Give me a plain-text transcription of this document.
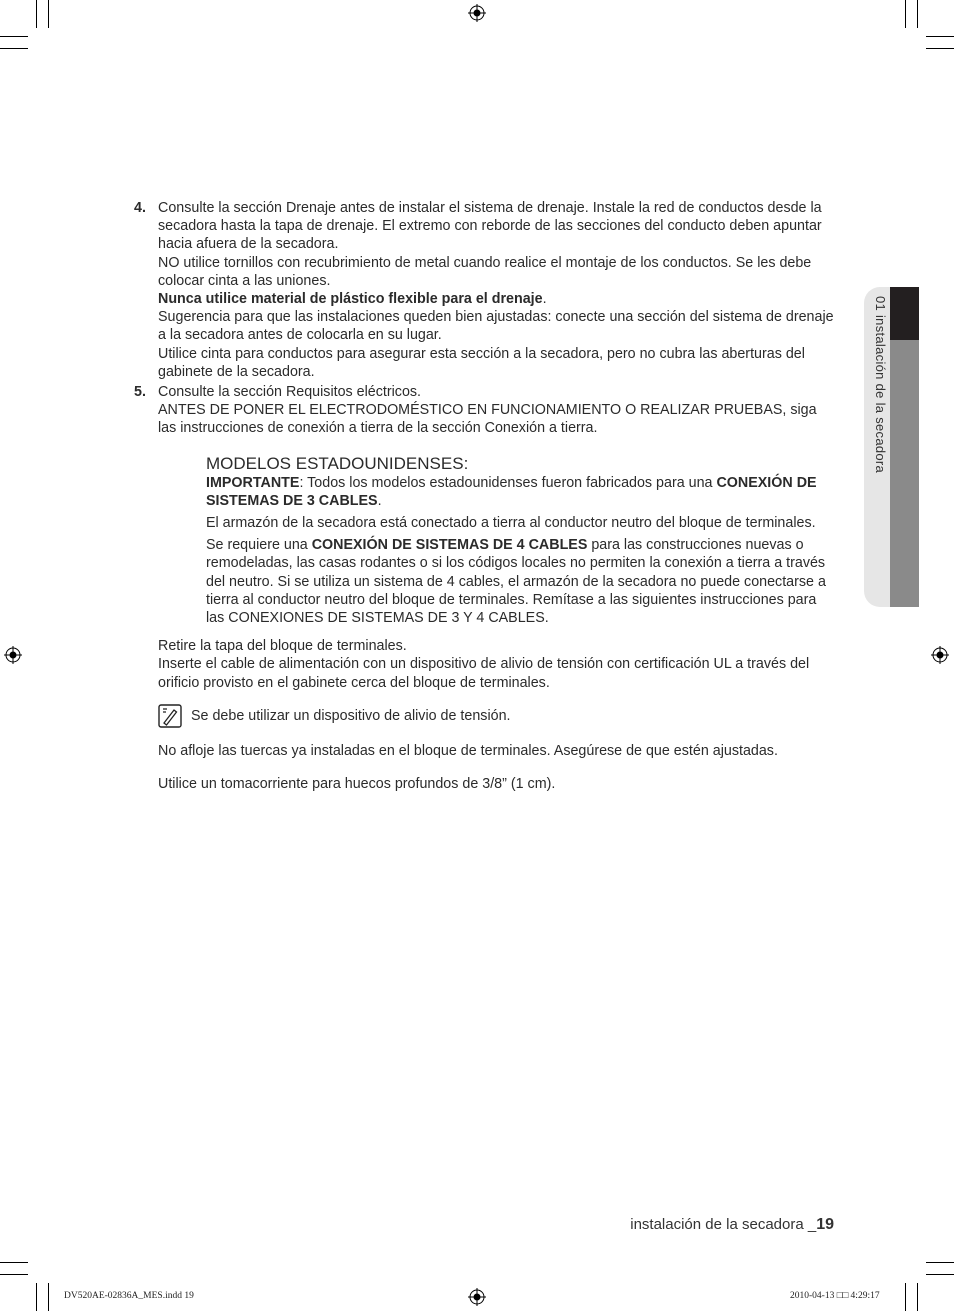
01 instalación de la secadora
4. Consulte la sección Drenaje antes de instalar el sistema de drenaje. Instale la red de conductos desde la secadora hasta la tapa de drenaje. El extremo con reborde de las secciones del conducto deben apuntar hacia afuera de la secadora.

NO utilice tornillos con recubrimiento de metal cuando realice el montaje de los conductos. Se les debe colocar cinta a las uniones.

Nunca utilice material de plástico flexible para el drenaje.

Sugerencia para que las instalaciones queden bien ajustadas: conecte una sección del sistema de drenaje a la secadora antes de colocarla en su lugar.

Utilice cinta para conductos para asegurar esta sección a la secadora, pero no cubra las aberturas del gabinete de la secadora.

5. Consulte la sección Requisitos eléctricos.

ANTES DE PONER EL ELECTRODOMÉSTICO EN FUNCIONAMIENTO O REALIZAR PRUEBAS, siga las instrucciones de conexión a tierra de la sección Conexión a tierra.

MODELOS ESTADOUNIDENSES:

IMPORTANTE: Todos los modelos estadounidenses fueron fabricados para una CONEXIÓN DE SISTEMAS DE 3 CABLES.

El armazón de la secadora está conectado a tierra al conductor neutro del bloque de terminales.

Se requiere una CONEXIÓN DE SISTEMAS DE 4 CABLES para las construcciones nuevas o remodeladas, las casas rodantes o si los códigos locales no permiten la conexión a tierra a través del neutro. Si se utiliza un sistema de 4 cables, el armazón de la secadora no puede conectarse a tierra al conductor neutro del bloque de terminales. Remítase a las siguientes instrucciones para las CONEXIONES DE SISTEMAS DE 3 Y 4 CABLES.

Retire la tapa del bloque de terminales.

Inserte el cable de alimentación con un dispositivo de alivio de tensión con certificación UL a través del orificio provisto en el gabinete cerca del bloque de terminales.

Se debe utilizar un dispositivo de alivio de tensión.

No afloje las tuercas ya instaladas en el bloque de terminales. Asegúrese de que estén ajustadas.

Utilice un tomacorriente para huecos profundos de 3/8” (1 cm).

instalación de la secadora _19
DV520AE-02836A_MES.indd 19	2010-04-13 □□ 4:29:17
